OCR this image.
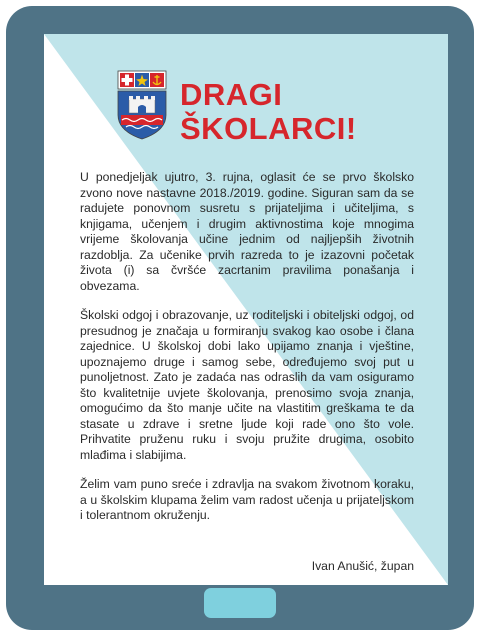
DRAGI
ŠKOLARCI!

U ponedjeljak ujutro, 3. rujna, oglasit će se prvo školsko zvono nove nastavne 2018./2019. godine. Siguran sam da se radujete ponovnom susretu s prijateljima i učiteljima, s knjigama, učenjem i drugim aktivnostima koje mnogima vrijeme školovanja učine jednim od najljepših životnih razdoblja. Za učenike prvih razreda to je izazovni početak života (i) sa čvršće zacrtanim pravilima ponašanja i obvezama.

Školski odgoj i obrazovanje, uz roditeljski i obiteljski odgoj, od presudnog je značaja u formiranju svakog kao osobe i člana zajednice. U školskoj dobi lako upijamo znanja i vještine, upoznajemo druge i samog sebe, određujemo svoj put u punoljetnost. Zato je zadaća nas odraslih da vam osiguramo što kvalitetnije uvjete školovanja, prenosimo svoja znanja, omogućimo da što manje učite na vlastitim greškama te da stasate u zdrave i sretne ljude koji rade ono što vole. Prihvatite pruženu ruku i svoju pružite drugima, osobito mlađima i slabijima.

Želim vam puno sreće i zdravlja na svakom životnom koraku, a u školskim klupama želim vam radost učenja u prijateljskom i tolerantnom okruženju.

Ivan Anušić, župan
